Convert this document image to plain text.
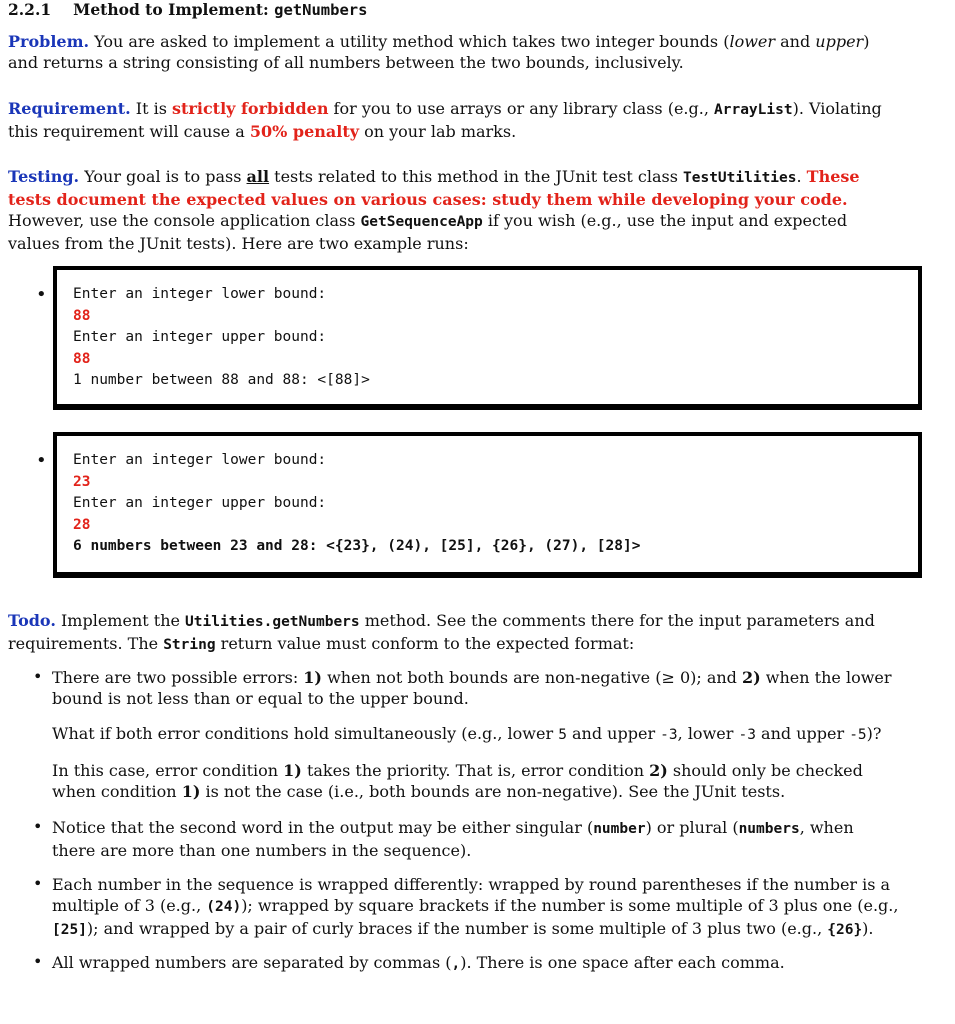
2.2.1 Method to Implement: getNumbers
Problem. You are asked to implement a utility method which takes two integer bounds (lower and upper) and returns a string consisting of all numbers between the two bounds, inclusively.
Requirement. It is strictly forbidden for you to use arrays or any library class (e.g., ArrayList). Violating this requirement will cause a 50% penalty on your lab marks.
Testing. Your goal is to pass all tests related to this method in the JUnit test class TestUtilities. These tests document the expected values on various cases: study them while developing your code. However, use the console application class GetSequenceApp if you wish (e.g., use the input and expected values from the JUnit tests). Here are two example runs:
• Enter an integer lower bound:
88
Enter an integer upper bound:
88
1 number between 88 and 88: <[88]>
• Enter an integer lower bound:
23
Enter an integer upper bound:
28
6 numbers between 23 and 28: <{23}, (24), [25], {26}, (27), [28]>
Todo. Implement the Utilities.getNumbers method. See the comments there for the input parameters and requirements. The String return value must conform to the expected format:
• There are two possible errors: 1) when not both bounds are non-negative (≥ 0); and 2) when the lower bound is not less than or equal to the upper bound.
What if both error conditions hold simultaneously (e.g., lower 5 and upper -3, lower -3 and upper -5)?
In this case, error condition 1) takes the priority. That is, error condition 2) should only be checked when condition 1) is not the case (i.e., both bounds are non-negative). See the JUnit tests.
• Notice that the second word in the output may be either singular (number) or plural (numbers, when there are more than one numbers in the sequence).
• Each number in the sequence is wrapped differently: wrapped by round parentheses if the number is a multiple of 3 (e.g., (24)); wrapped by square brackets if the number is some multiple of 3 plus one (e.g., [25]); and wrapped by a pair of curly braces if the number is some multiple of 3 plus two (e.g., {26}).
• All wrapped numbers are separated by commas (,). There is one space after each comma.
